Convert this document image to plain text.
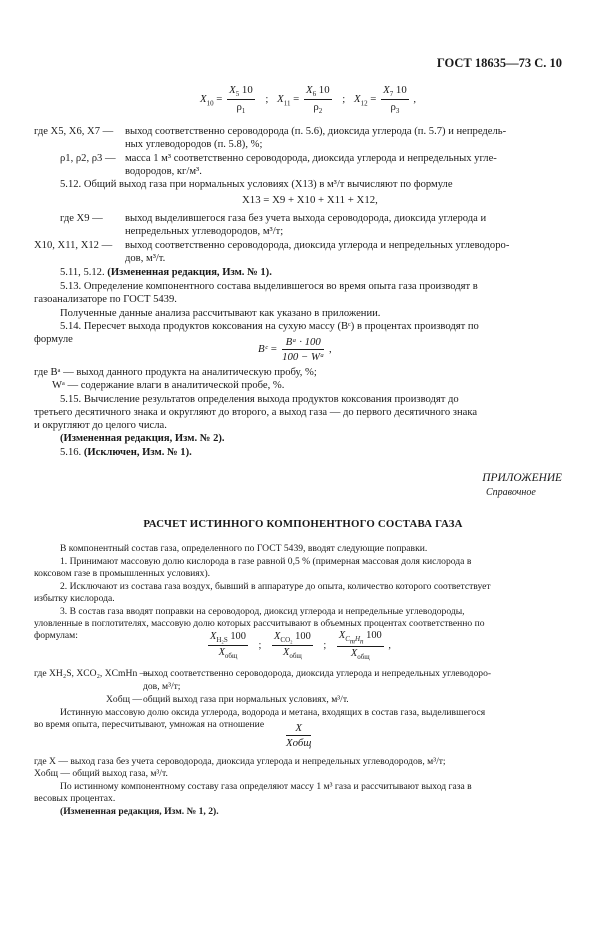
ГОСТ 18635—73 С. 10
$X_{10} = \frac{X_5 10}{\rho_1}$ ; $X_{11} = \frac{X_6 10}{\rho_2}$ ; $X_{12} = \frac{X_7 10}{\rho_3}$ ,
где X5, X6, X7 — выход соответственно сероводорода (п. 5.6), диоксида углерода (п. 5.7) и непредель-
ных углеводородов (п. 5.8), %;
ρ1, ρ2, ρ3 — масса 1 м³ соответственно сероводорода, диоксида углерода и непредельных угле-
водородов, кг/м³.
5.12. Общий выход газа при нормальных условиях (X13) в м³/т вычисляют по формуле
X13 = X9 + X10 + X11 + X12,
где X9 — выход выделившегося газа без учета выхода сероводорода, диоксида углерода и
непредельных углеводородов, м³/т;
X10, X11, X12 — выход соответственно сероводорода, диоксида углерода и непредельных углеводоро-
дов, м³/т.
5.11, 5.12. (Измененная редакция, Изм. № 1).
5.13. Определение компонентного состава выделившегося во время опыта газа производят в
газоанализаторе по ГОСТ 5439.
Полученные данные анализа рассчитывают как указано в приложении.
5.14. Пересчет выхода продуктов коксования на сухую массу (Bᶜ) в процентах производят по
формуле
Bᶜ = $\frac{\text{Bᵃ · 100}}{\text{100 − Wᵃ}}$ ,
где Bᵃ — выход данного продукта на аналитическую пробу, %;
Wᵃ — содержание влаги в аналитической пробе, %.
5.15. Вычисление результатов определения выхода продуктов коксования производят до
третьего десятичного знака и округляют до второго, а выход газа — до первого десятичного знака
и округляют до целого числа.
(Измененная редакция, Изм. № 2).
5.16. (Исключен, Изм. № 1).
ПРИЛОЖЕНИЕ
Справочное
РАСЧЕТ ИСТИННОГО КОМПОНЕНТНОГО СОСТАВА ГАЗА
В компонентный состав газа, определенного по ГОСТ 5439, вводят следующие поправки.
1. Принимают массовую долю кислорода в газе равной 0,5 % (примерная массовая доля кислорода в
коксовом газе в промышленных условиях).
2. Исключают из состава газа воздух, бывший в аппаратуре до опыта, количество которого соответствует
избытку кислорода.
3. В состав газа вводят поправки на сероводород, диоксид углерода и непредельные углеводороды,
уловленные в поглотителях, массовую долю которых рассчитывают в объемных процентах соответственно по
формулам:	$\frac{X_{H_2S} 100}{X_{общ}}$ ; $\frac{X_{CO_2} 100}{X_{общ}}$ ; $\frac{X_{C_mH_n} 100}{X_{общ}}$ ,
где XH₂S, XCO₂, XCmHn —
выход соответственно сероводорода, диоксида углерода и непредельных углеводоро-
дов, м³/т;
Xобщ — общий выход газа при нормальных условиях, м³/т.
Истинную массовую долю оксида углерода, водорода и метана, входящих в состав газа, выделившегося
во время опыта, пересчитывают, умножая на отношение $\frac{X}{\text{Xобщ}}$
где X — выход газа без учета сероводорода, диоксида углерода и непредельных углеводородов, м³/т;
Xобщ — общий выход газа, м³/т.
По истинному компонентному составу газа определяют массу 1 м³ газа и рассчитывают выход газа в
весовых процентах.
(Измененная редакция, Изм. № 1, 2).
